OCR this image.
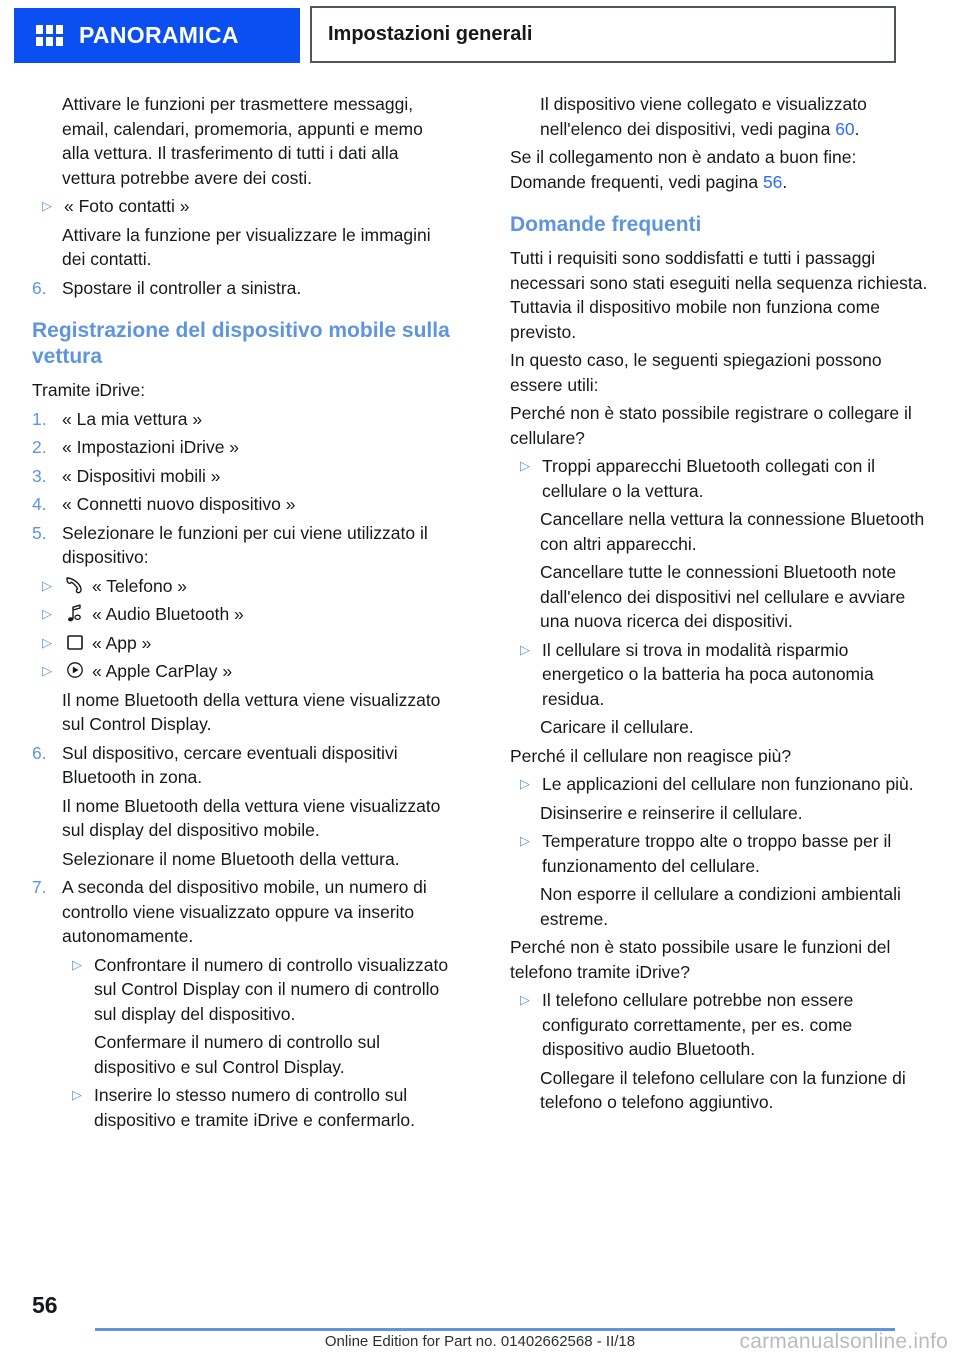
PANORAMICA	Impostazioni generali

Attivare le funzioni per trasmettere messaggi, email, calendari, promemoria, appunti e memo alla vettura. Il trasferimento di tutti i dati alla vettura potrebbe avere dei costi.

▷ « Foto contatti »

Attivare la funzione per visualizzare le immagini dei contatti.

6. Spostare il controller a sinistra.
Registrazione del dispositivo mobile sulla vettura

Tramite iDrive:

1. « La mia vettura »
2. « Impostazioni iDrive »
3. « Dispositivi mobili »
4. « Connetti nuovo dispositivo »
5. Selezionare le funzioni per cui viene utilizzato il dispositivo:
▷	« Telefono »
▷	« Audio Bluetooth »
▷	« App »
▷	« Apple CarPlay »

Il nome Bluetooth della vettura viene visualizzato sul Control Display.

6. Sul dispositivo, cercare eventuali dispositivi Bluetooth in zona.

Il nome Bluetooth della vettura viene visualizzato sul display del dispositivo mobile.

Selezionare il nome Bluetooth della vettura.

7. A seconda del dispositivo mobile, un numero di controllo viene visualizzato oppure va inserito autonomamente.
▷ Confrontare il numero di controllo visualizzato sul Control Display con il numero di controllo sul display del dispositivo.

Confermare il numero di controllo sul dispositivo e sul Control Display.

▷ Inserire lo stesso numero di controllo sul dispositivo e tramite iDrive e confermarlo.

Il dispositivo viene collegato e visualizzato nell'elenco dei dispositivi, vedi pagina 60.

Se il collegamento non è andato a buon fine: Domande frequenti, vedi pagina 56.

Domande frequenti

Tutti i requisiti sono soddisfatti e tutti i passaggi necessari sono stati eseguiti nella sequenza richiesta. Tuttavia il dispositivo mobile non funziona come previsto.

In questo caso, le seguenti spiegazioni possono essere utili:

Perché non è stato possibile registrare o collegare il cellulare?

▷ Troppi apparecchi Bluetooth collegati con il cellulare o la vettura.

Cancellare nella vettura la connessione Bluetooth con altri apparecchi.

Cancellare tutte le connessioni Bluetooth note dall'elenco dei dispositivi nel cellulare e avviare una nuova ricerca dei dispositivi.

▷ Il cellulare si trova in modalità risparmio energetico o la batteria ha poca autonomia residua.

Caricare il cellulare.

Perché il cellulare non reagisce più?

▷ Le applicazioni del cellulare non funzionano più.

Disinserire e reinserire il cellulare.

▷ Temperature troppo alte o troppo basse per il funzionamento del cellulare.

Non esporre il cellulare a condizioni ambientali estreme.

Perché non è stato possibile usare le funzioni del telefono tramite iDrive?

▷ Il telefono cellulare potrebbe non essere configurato correttamente, per es. come dispositivo audio Bluetooth.

Collegare il telefono cellulare con la funzione di telefono o telefono aggiuntivo.

56
Online Edition for Part no. 01402662568 - II/18	carmanualsonline.info
